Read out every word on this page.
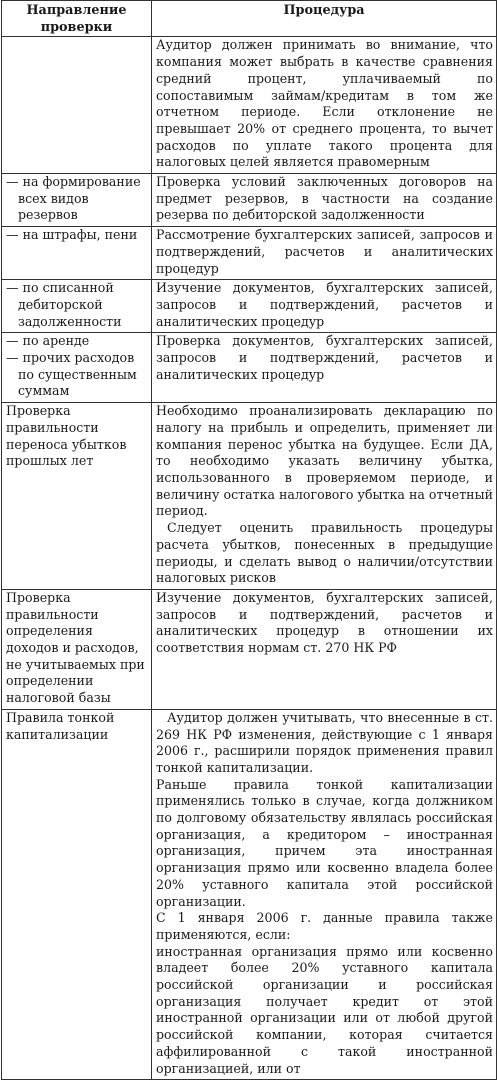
Направление проверки	Процедура
	Аудитор должен принимать во внимание, что компания может выбрать в качестве сравнения средний процент, уплачиваемый по сопоставимым займам/кредитам в том же отчетном периоде. Если отклонение не превышает 20% от среднего процента, то вычет расходов по уплате такого процента для налоговых целей является правомерным

— на формирование всех видов резервов	Проверка условий заключенных договоров на предмет резервов, в частности на создание резерва по дебиторской задолженности

— на штрафы, пени	Рассмотрение бухгалтерских записей, запросов и подтверждений, расчетов и аналитических процедур

— по списанной дебиторской задолженности	Изучение документов, бухгалтерских записей, запросов и подтверждений, расчетов и аналитических процедур

— по аренде
— прочих расходов по существенным суммам	Проверка документов, бухгалтерских записей, запросов и подтверждений, расчетов и аналитических процедур
Проверка правильности переноса убытков прошлых лет	Необходимо проанализировать декларацию по налогу на прибыль и определить, применяет ли компания перенос убытка на будущее. Если ДА, то необходимо указать величину убытка, использованного в проверяемом периоде, и величину остатка налогового убытка на отчетный период.
Следует оценить правильность процедуры расчета убытков, понесенных в предыдущие периоды, и сделать вывод о наличии/отсутствии налоговых рисков

Проверка правильности определения доходов и расходов, не учитываемых при определении налоговой базы	Изучение документов, бухгалтерских записей, запросов и подтверждений, расчетов и аналитических процедур в отношении их соответствия нормам ст. 270 НК РФ
Правила тонкой капитализации	Аудитор должен учитывать, что внесенные в ст. 269 НК РФ изменения, действующие с 1 января 2006 г., расширили порядок применения правил тонкой капитализации.
Раньше правила тонкой капитализации применялись только в случае, когда должником по долговому обязательству являлась российская организация, а кредитором – иностранная организация, причем эта иностранная организация прямо или косвенно владела более 20% уставного капитала этой российской организации.
С 1 января 2006 г. данные правила также применяются, если:
иностранная организация прямо или косвенно владеет более 20% уставного капитала российской организации и российская организация получает кредит от этой иностранной организации или от любой другой российской компании, которая считается аффилированной с такой иностранной организацией, или от
